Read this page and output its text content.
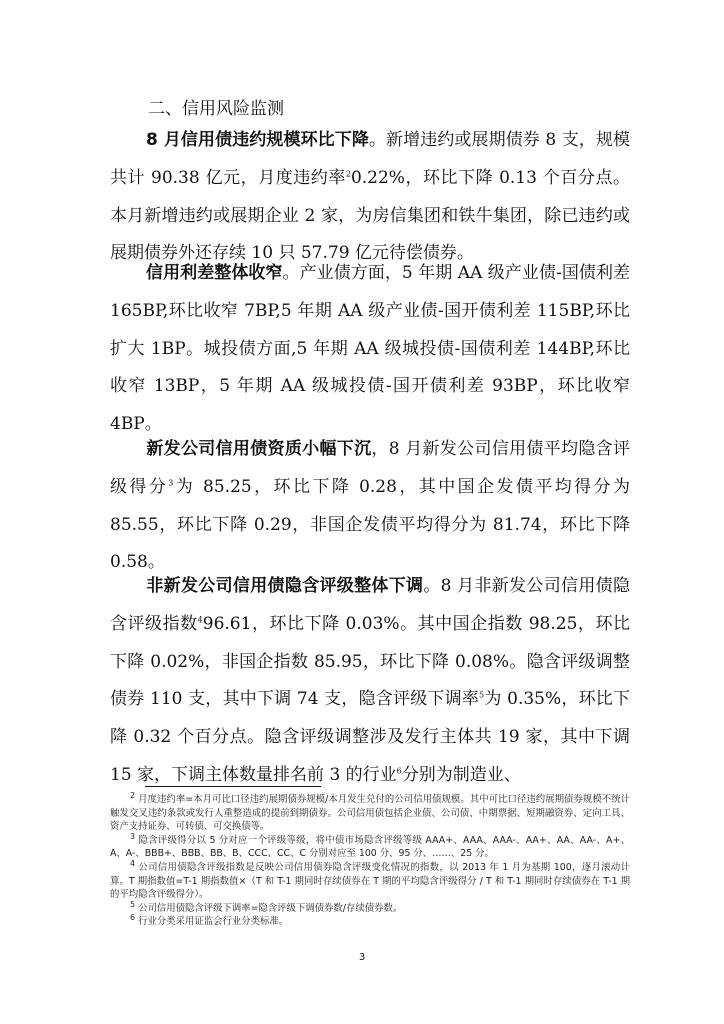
二、信用风险监测
8 月信用债违约规模环比下降。新增违约或展期债券 8 支，规模共计 90.38 亿元，月度违约率$^2$0.22%，环比下降 0.13 个百分点。本月新增违约或展期企业 2 家，为房信集团和铁牛集团，除已违约或展期债券外还存续 10 只 57.79 亿元待偿债券。
信用利差整体收窄。产业债方面，5 年期 AA 级产业债-国债利差 165BP,环比收窄 7BP,5 年期 AA 级产业债-国开债利差 115BP,环比扩大 1BP。城投债方面,5 年期 AA 级城投债-国债利差 144BP,环比收窄 13BP，5 年期 AA 级城投债-国开债利差 93BP，环比收窄 4BP。
新发公司信用债资质小幅下沉，8 月新发公司信用债平均隐含评级得分$^3$为 85.25，环比下降 0.28，其中国企发债平均得分为 85.55，环比下降 0.29，非国企发债平均得分为 81.74，环比下降 0.58。
非新发公司信用债隐含评级整体下调。8 月非新发公司信用债隐含评级指数$^4$96.61，环比下降 0.03%。其中国企指数 98.25，环比下降 0.02%，非国企指数 85.95，环比下降 0.08%。隐含评级调整债券 110 支，其中下调 74 支，隐含评级下调率$^5$为 0.35%，环比下降 0.32 个百分点。隐含评级调整涉及发行主体共 19 家，其中下调 15 家，下调主体数量排名前 3 的行业$^6$分别为制造业、
$^2$ 月度违约率=本月可比口径违约展期债券规模/本月发生兑付的公司信用债规模。其中可比口径违约展期债券规模不统计触发交叉违约条款或发行人重整造成的提前到期债券。公司信用债包括企业债、公司债、中期票据、短期融资券、定向工具、资产支持证券、可转债、可交换债等。
$^3$ 隐含评级得分以 5 分对应一个评级等级，将中债市场隐含评级等级 AAA+、AAA、AAA-、AA+、AA、AA-、A+、A、A-、BBB+、BBB、BB、B、CCC、CC、C 分别对应至 100 分、95 分、……、25 分。
$^4$ 公司信用债隐含评级指数是反映公司信用债券隐含评级变化情况的指数，以 2013 年 1 月为基期 100，逐月滚动计算。T 期指数值=T-1 期指数值×（T 和 T-1 期同时存续债券在 T 期的平均隐含评级得分 / T 和 T-1 期同时存续债券在 T-1 期的平均隐含评级得分）。
$^5$ 公司信用债隐含评级下调率=隐含评级下调债券数/存续债券数。
$^6$ 行业分类采用证监会行业分类标准。
3
